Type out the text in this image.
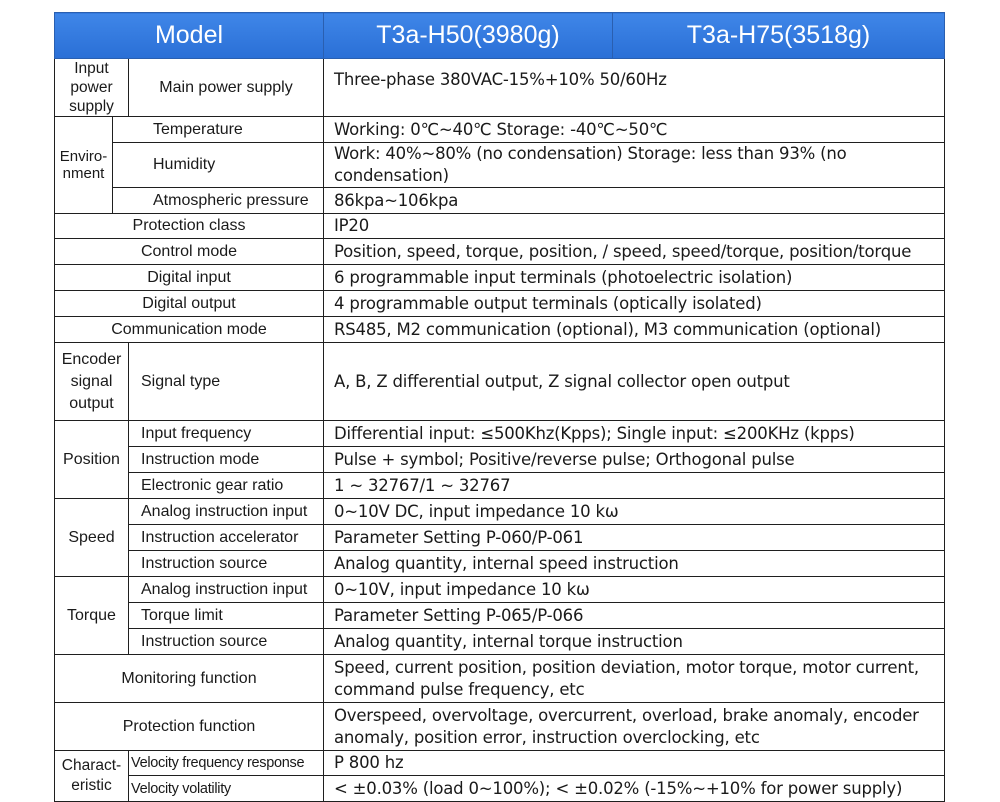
Model			T3a-H50(3980g)	T3a-H75(3518g)
Input power
supply		Main power supply	Three-phase 380VAC-15%+10% 50/60Hz	
Enviro-
nment	Temperature		Working: 0℃~40℃ Storage: -40℃~50℃	
	Humidity		Work: 40%~80% (no condensation) Storage: less than 93% (no condensation)	
	Atmospheric pressure		86kpa~106kpa	
Protection class			IP20	
Control mode			Position, speed, torque, position, / speed, speed/torque, position/torque	
Digital input			6 programmable input terminals (photoelectric isolation)	
Digital output			4 programmable output terminals (optically isolated)	
Communication mode			RS485, M2 communication (optional), M3 communication (optional)	
Encoder
signal
output		Signal type	A, B, Z differential output, Z signal collector open output	
Position		Input frequency	Differential input: ≤500Khz(Kpps); Single input: ≤200KHz (kpps)	
		Instruction mode	Pulse + symbol; Positive/reverse pulse; Orthogonal pulse	
		Electronic gear ratio	1 ~ 32767/1 ~ 32767	
Speed		Analog instruction input	0~10V DC, input impedance 10 kω	
		Instruction accelerator	Parameter Setting P-060/P-061	
		Instruction source	Analog quantity, internal speed instruction	
Torque		Analog instruction input	0~10V, input impedance 10 kω	
		Torque limit	Parameter Setting P-065/P-066	
		Instruction source	Analog quantity, internal torque instruction	
Monitoring function			Speed, current position, position deviation, motor torque, motor current,
command pulse frequency, etc	
Protection function			Overspeed, overvoltage, overcurrent, overload, brake anomaly, encoder
anomaly, position error, instruction overclocking, etc	
Charact-
eristic		Velocity frequency response	P 800 hz	
		Velocity volatility	< ±0.03% (load 0~100%); < ±0.02% (-15%~+10% for power supply)	
